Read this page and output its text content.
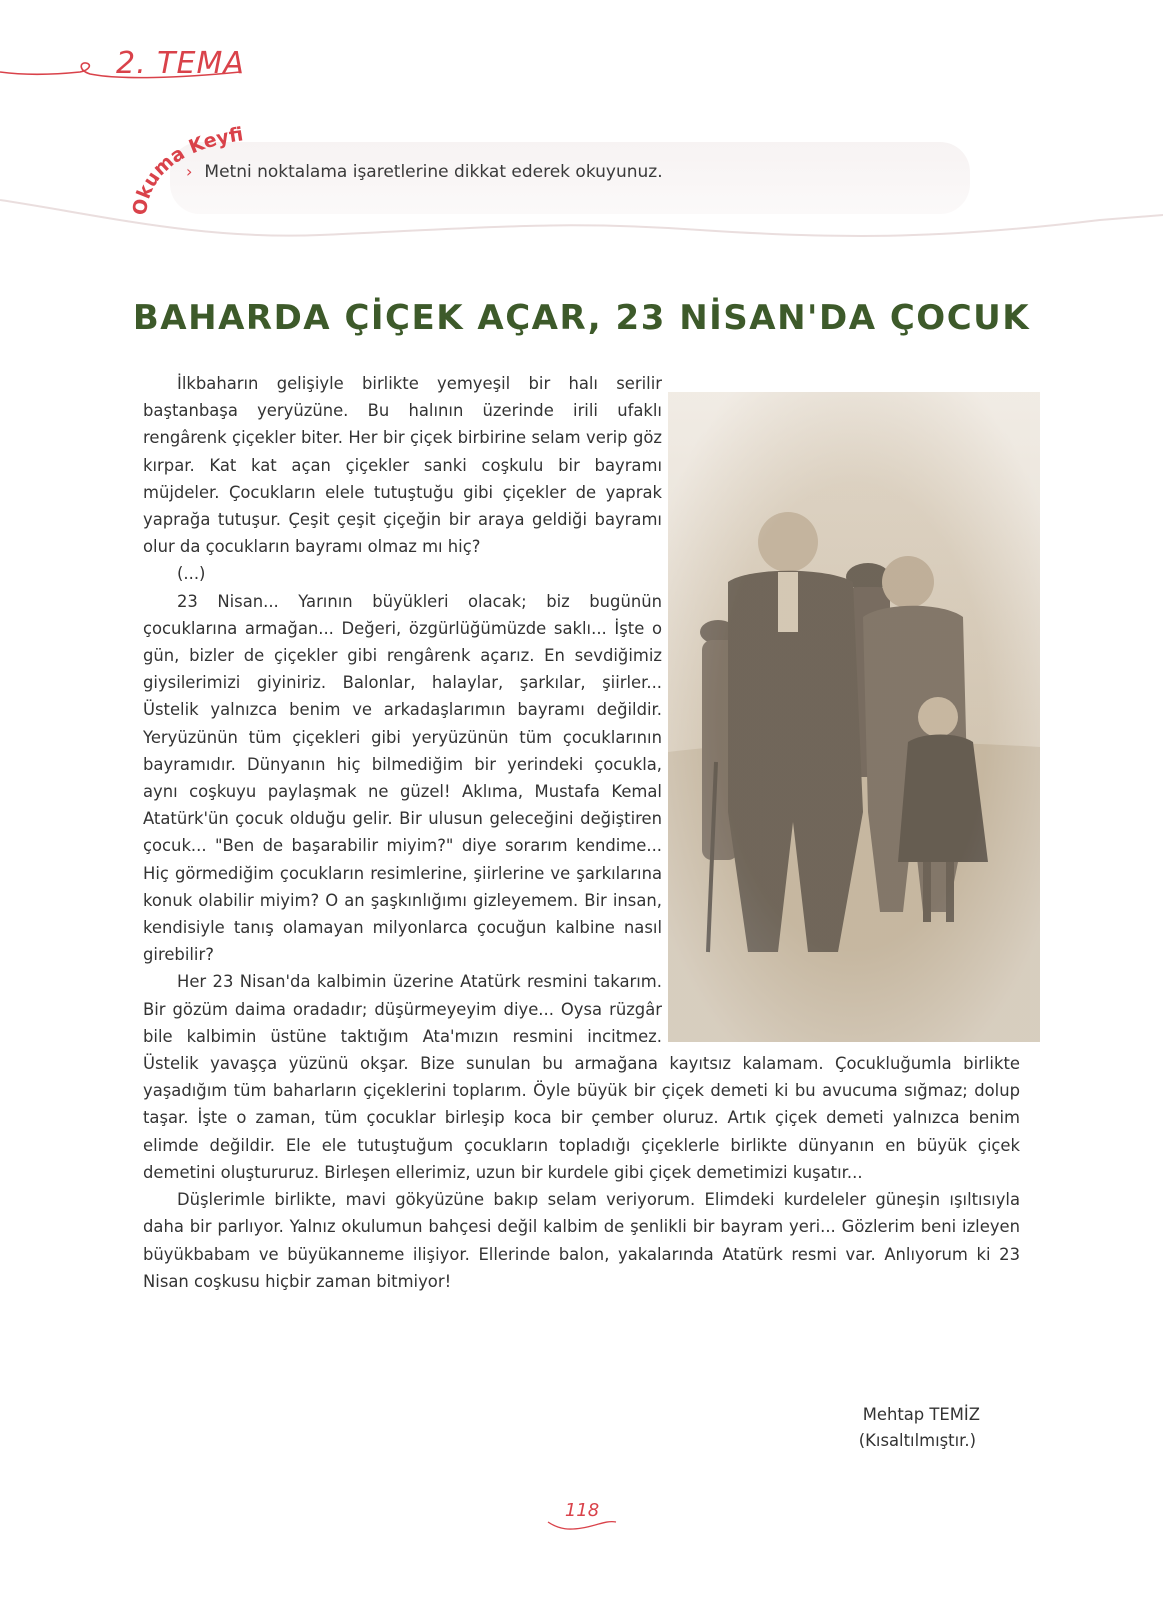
2. TEMA
Okuma Keyfi
› Metni noktalama işaretlerine dikkat ederek okuyunuz.
BAHARDA ÇİÇEK AÇAR, 23 NİSAN'DA ÇOCUK

İlkbaharın gelişiyle birlikte yemyeşil bir halı serilir baştanbaşa yeryüzüne. Bu halının üzerinde irili ufaklı rengârenk çiçekler biter. Her bir çiçek birbirine selam verip göz kırpar. Kat kat açan çiçekler sanki coşkulu bir bayramı müjdeler. Çocukların elele tutuştuğu gibi çiçekler de yaprak yaprağa tutuşur. Çeşit çeşit çiçeğin bir araya geldiği bayramı olur da çocukların bayramı olmaz mı hiç?

(...)

23 Nisan... Yarının büyükleri olacak; biz bugünün çocuklarına armağan... Değeri, özgürlüğümüzde saklı... İşte o gün, bizler de çiçekler gibi rengârenk açarız. En sevdiğimiz giysilerimizi giyiniriz. Balonlar, halaylar, şarkılar, şiirler... Üstelik yalnızca benim ve arkadaşlarımın bayramı değildir. Yeryüzünün tüm çiçekleri gibi yeryüzünün tüm çocuklarının bayramıdır. Dünyanın hiç bilmediğim bir yerindeki çocukla, aynı coşkuyu paylaşmak ne güzel! Aklıma, Mustafa Kemal Atatürk'ün çocuk olduğu gelir. Bir ulusun geleceğini değiştiren çocuk... "Ben de başarabilir miyim?" diye sorarım kendime... Hiç görmediğim çocukların resimlerine, şiirlerine ve şarkılarına konuk olabilir miyim? O an şaşkınlığımı gizleyemem. Bir insan, kendisiyle tanış olamayan milyonlarca çocuğun kalbine nasıl girebilir?

Her 23 Nisan'da kalbimin üzerine Atatürk resmini takarım. Bir gözüm daima oradadır; düşürmeyeyim diye... Oysa rüzgâr bile kalbimin üstüne taktığım Ata'mızın resmini incitmez. Üstelik yavaşça yüzünü okşar. Bize sunulan bu armağana kayıtsız kalamam. Çocukluğumla birlikte yaşadığım tüm baharların çiçeklerini toplarım. Öyle büyük bir çiçek demeti ki bu avucuma sığmaz; dolup taşar. İşte o zaman, tüm çocuklar birleşip koca bir çember oluruz. Artık çiçek demeti yalnızca benim elimde değildir. Ele ele tutuştuğum çocukların topladığı çiçeklerle birlikte dünyanın en büyük çiçek demetini oluştururuz. Birleşen ellerimiz, uzun bir kurdele gibi çiçek demetimizi kuşatır...

Düşlerimle birlikte, mavi gökyüzüne bakıp selam veriyorum. Elimdeki kurdeleler güneşin ışıltısıyla daha bir parlıyor. Yalnız okulumun bahçesi değil kalbim de şenlikli bir bayram yeri... Gözlerim beni izleyen büyükbabam ve büyükanneme ilişiyor. Ellerinde balon, yakalarında Atatürk resmi var. Anlıyorum ki 23 Nisan coşkusu hiçbir zaman bitmiyor!

Mehtap TEMİZ
(Kısaltılmıştır.)
118
